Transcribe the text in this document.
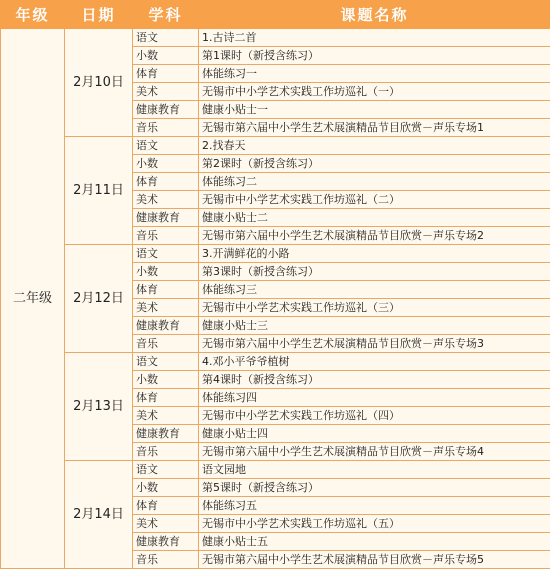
年级	日期	学科	课题名称
二年级	2月10日	语文	1.古诗二首
		小数	第1课时（新授含练习）
		体育	体能练习一
		美术	无锡市中小学艺术实践工作坊巡礼（一）
		健康教育	健康小贴士一
		音乐	无锡市第六届中小学生艺术展演精品节目欣赏－声乐专场1
	2月11日	语文	2.找春天
		小数	第2课时（新授含练习）
		体育	体能练习二
		美术	无锡市中小学艺术实践工作坊巡礼（二）
		健康教育	健康小贴士二
		音乐	无锡市第六届中小学生艺术展演精品节目欣赏－声乐专场2
	2月12日	语文	3.开满鲜花的小路
		小数	第3课时（新授含练习）
		体育	体能练习三
		美术	无锡市中小学艺术实践工作坊巡礼（三）
		健康教育	健康小贴士三
		音乐	无锡市第六届中小学生艺术展演精品节目欣赏－声乐专场3
	2月13日	语文	4.邓小平爷爷植树
		小数	第4课时（新授含练习）
		体育	体能练习四
		美术	无锡市中小学艺术实践工作坊巡礼（四）
		健康教育	健康小贴士四
		音乐	无锡市第六届中小学生艺术展演精品节目欣赏－声乐专场4
	2月14日	语文	语文园地
		小数	第5课时（新授含练习）
		体育	体能练习五
		美术	无锡市中小学艺术实践工作坊巡礼（五）
		健康教育	健康小贴士五
		音乐	无锡市第六届中小学生艺术展演精品节目欣赏－声乐专场5
